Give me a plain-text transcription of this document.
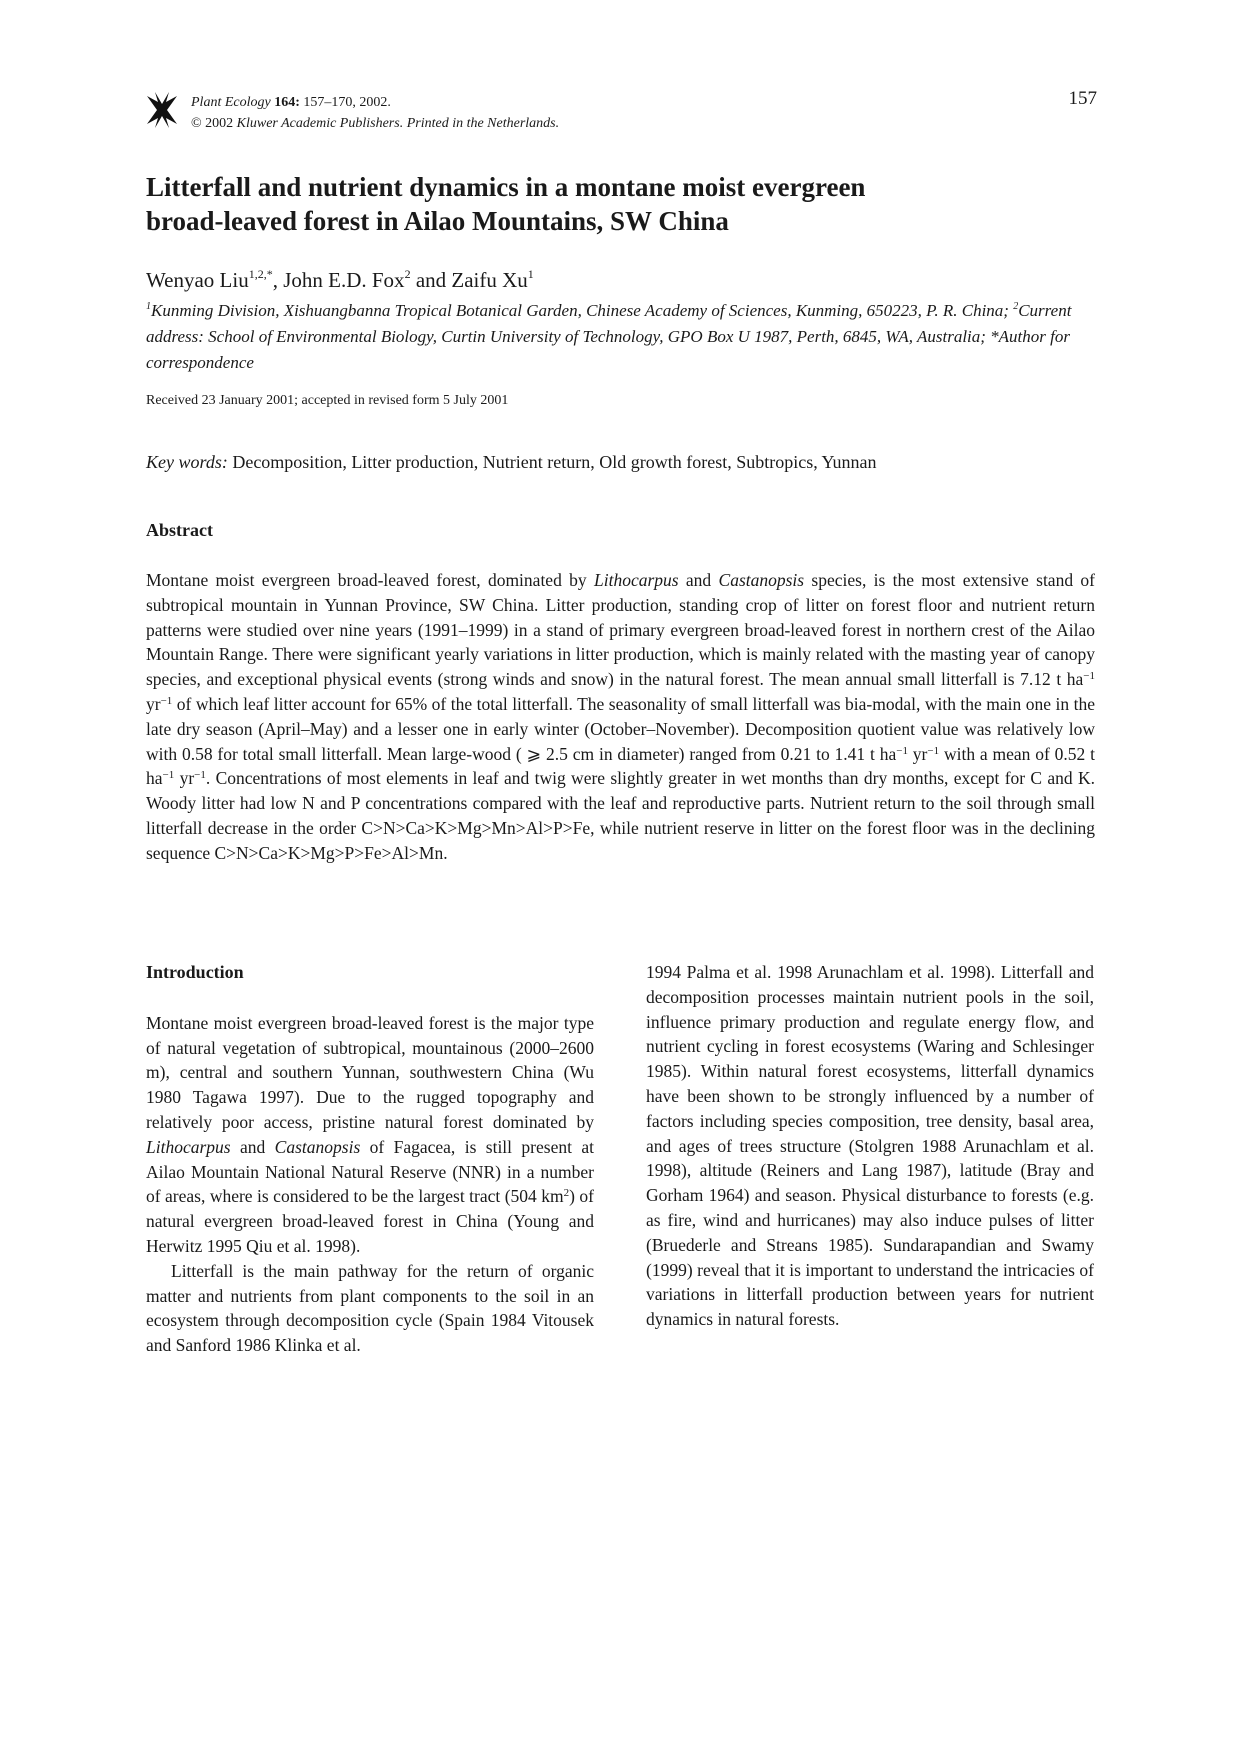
Plant Ecology 164: 157–170, 2002.
© 2002 Kluwer Academic Publishers. Printed in the Netherlands.
157
Litterfall and nutrient dynamics in a montane moist evergreen
broad-leaved forest in Ailao Mountains, SW China
Wenyao Liu$^{1,2,*}$, John E.D. Fox$^2$ and Zaifu Xu$^1$
$^1$Kunming Division, Xishuangbanna Tropical Botanical Garden, Chinese Academy of Sciences, Kunming, 650223, P. R. China; $^2$Current address: School of Environmental Biology, Curtin University of Technology, GPO Box U 1987, Perth, 6845, WA, Australia; *Author for correspondence
Received 23 January 2001; accepted in revised form 5 July 2001
Key words: Decomposition, Litter production, Nutrient return, Old growth forest, Subtropics, Yunnan
Abstract
Montane moist evergreen broad-leaved forest, dominated by Lithocarpus and Castanopsis species, is the most extensive stand of subtropical mountain in Yunnan Province, SW China. Litter production, standing crop of litter on forest floor and nutrient return patterns were studied over nine years (1991–1999) in a stand of primary evergreen broad-leaved forest in northern crest of the Ailao Mountain Range. There were significant yearly variations in litter production, which is mainly related with the masting year of canopy species, and exceptional physical events (strong winds and snow) in the natural forest. The mean annual small litterfall is 7.12 t $ha^{-1}$ $yr^{-1}$ of which leaf litter account for 65% of the total litterfall. The seasonality of small litterfall was bia-modal, with the main one in the late dry season (April–May) and a lesser one in early winter (October–November). Decomposition quotient value was relatively low with 0.58 for total small litterfall. Mean large-wood ( ⩾ 2.5 cm in diameter) ranged from 0.21 to 1.41 t $ha^{-1}$ $yr^{-1}$ with a mean of 0.52 t $ha^{-1}$ $yr^{-1}$. Concentrations of most elements in leaf and twig were slightly greater in wet months than dry months, except for C and K. Woody litter had low N and P concentrations compared with the leaf and reproductive parts. Nutrient return to the soil through small litterfall decrease in the order C>N>Ca>K>Mg>Mn>Al>P>Fe, while nutrient reserve in litter on the forest floor was in the declining sequence C>N>Ca>K>Mg>P>Fe>Al>Mn.
Introduction

Montane moist evergreen broad-leaved forest is the major type of natural vegetation of subtropical, mountainous (2000–2600 m), central and southern Yunnan, southwestern China (Wu 1980 Tagawa 1997). Due to the rugged topography and relatively poor access, pristine natural forest dominated by Lithocarpus and Castanopsis of Fagacea, is still present at Ailao Mountain National Natural Reserve (NNR) in a number of areas, where is considered to be the largest tract (504 $km^2$) of natural evergreen broad-leaved forest in China (Young and Herwitz 1995 Qiu et al. 1998).

Litterfall is the main pathway for the return of organic matter and nutrients from plant components to the soil in an ecosystem through decomposition cycle (Spain 1984 Vitousek and Sanford 1986 Klinka et al.

1994 Palma et al. 1998 Arunachlam et al. 1998). Litterfall and decomposition processes maintain nutrient pools in the soil, influence primary production and regulate energy flow, and nutrient cycling in forest ecosystems (Waring and Schlesinger 1985). Within natural forest ecosystems, litterfall dynamics have been shown to be strongly influenced by a number of factors including species composition, tree density, basal area, and ages of trees structure (Stolgren 1988 Arunachlam et al. 1998), altitude (Reiners and Lang 1987), latitude (Bray and Gorham 1964) and season. Physical disturbance to forests (e.g. as fire, wind and hurricanes) may also induce pulses of litter (Bruederle and Streans 1985). Sundarapandian and Swamy (1999) reveal that it is important to understand the intricacies of variations in litterfall production between years for nutrient dynamics in natural forests.
